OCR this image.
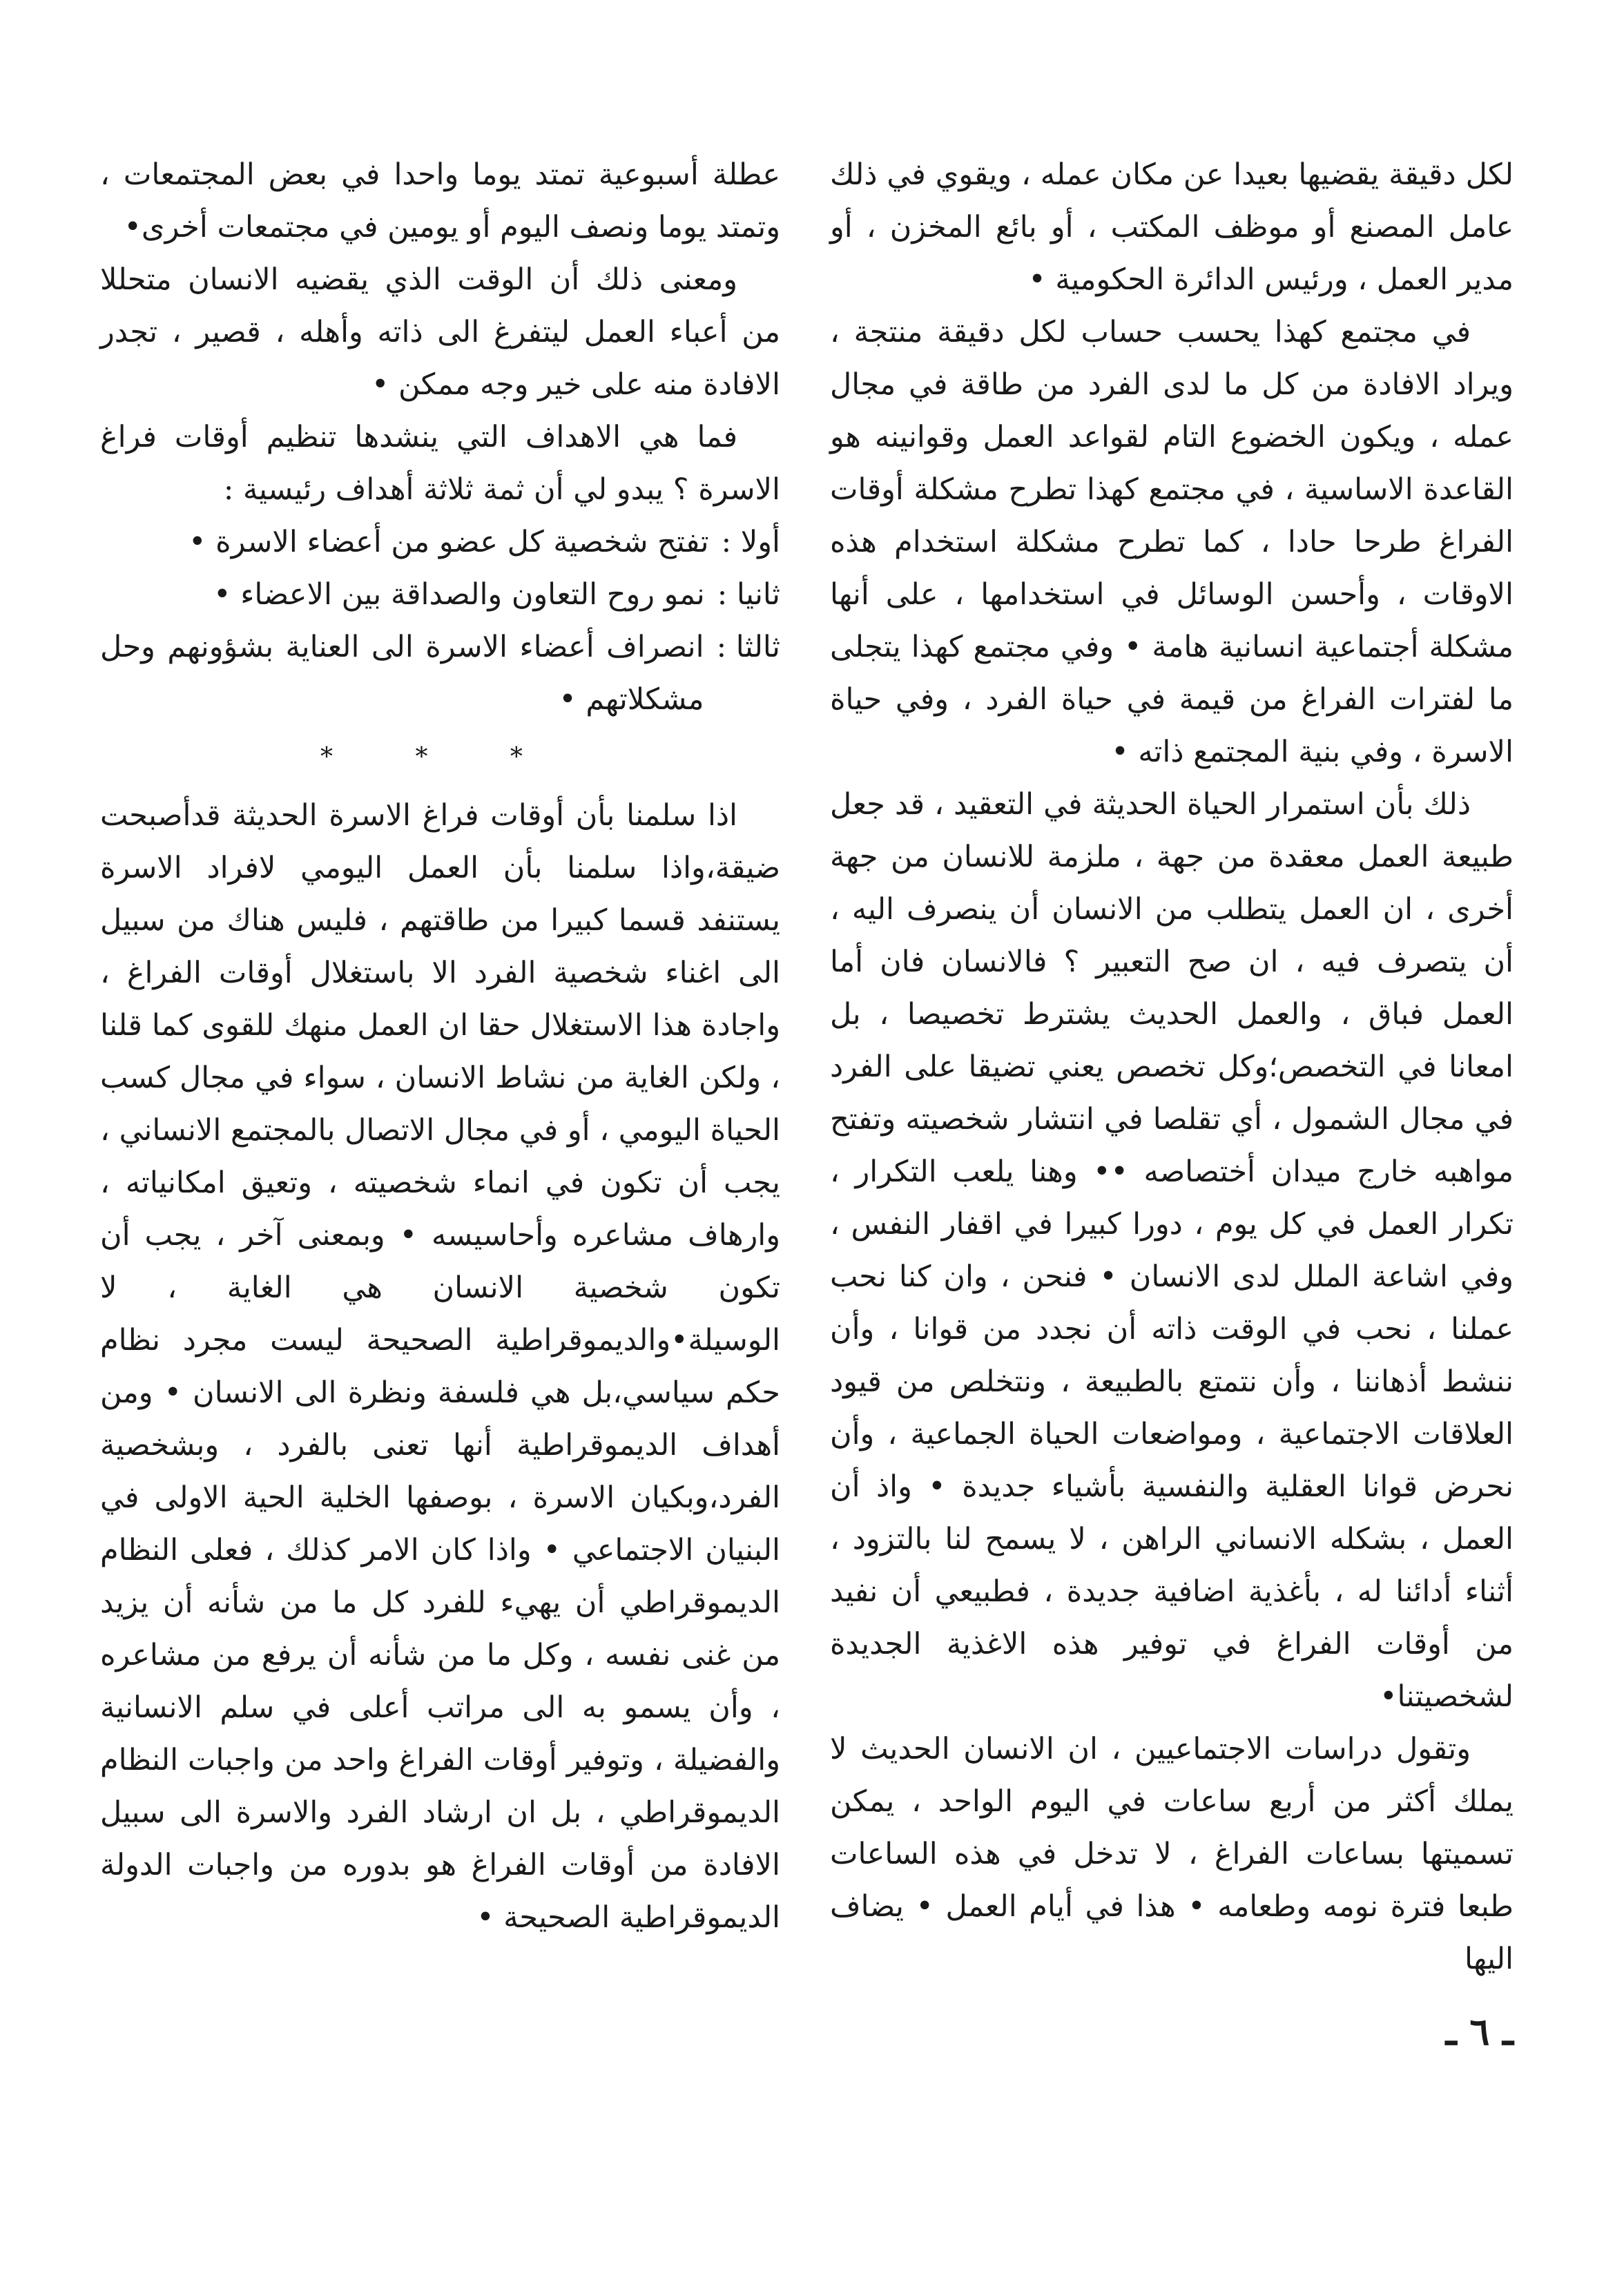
لكل دقيقة يقضيها بعيدا عن مكان عمله ، ويقوي في ذلك عامل المصنع أو موظف المكتب ، أو بائع المخزن ، أو مدير العمل ، ورئيس الدائرة الحكومية •

في مجتمع كهذا يحسب حساب لكل دقيقة منتجة ، ويراد الافادة من كل ما لدى الفرد من طاقة في مجال عمله ، ويكون الخضوع التام لقواعد العمل وقوانينه هو القاعدة الاساسية ، في مجتمع كهذا تطرح مشكلة أوقات الفراغ طرحا حادا ، كما تطرح مشكلة استخدام هذه الاوقات ، وأحسن الوسائل في استخدامها ، على أنها مشكلة أجتماعية انسانية هامة • وفي مجتمع كهذا يتجلى ما لفترات الفراغ من قيمة في حياة الفرد ، وفي حياة الاسرة ، وفي بنية المجتمع ذاته •

ذلك بأن استمرار الحياة الحديثة في التعقيد ، قد جعل طبيعة العمل معقدة من جهة ، ملزمة للانسان من جهة أخرى ، ان العمل يتطلب من الانسان أن ينصرف اليه ، أن يتصرف فيه ، ان صح التعبير ؟ فالانسان فان أما العمل فباق ، والعمل الحديث يشترط تخصيصا ، بل امعانا في التخصص؛وكل تخصص يعني تضيقا على الفرد في مجال الشمول ، أي تقلصا في انتشار شخصيته وتفتح مواهبه خارج ميدان أختصاصه •• وهنا يلعب التكرار ، تكرار العمل في كل يوم ، دورا كبيرا في اقفار النفس ، وفي اشاعة الملل لدى الانسان • فنحن ، وان كنا نحب عملنا ، نحب في الوقت ذاته أن نجدد من قوانا ، وأن ننشط أذهاننا ، وأن نتمتع بالطبيعة ، ونتخلص من قيود العلاقات الاجتماعية ، ومواضعات الحياة الجماعية ، وأن نحرض قوانا العقلية والنفسية بأشياء جديدة • واذ أن العمل ، بشكله الانساني الراهن ، لا يسمح لنا بالتزود ، أثناء أدائنا له ، بأغذية اضافية جديدة ، فطبيعي أن نفيد من أوقات الفراغ في توفير هذه الاغذية الجديدة لشخصيتنا•

وتقول دراسات الاجتماعيين ، ان الانسان الحديث لا يملك أكثر من أربع ساعات في اليوم الواحد ، يمكن تسميتها بساعات الفراغ ، لا تدخل في هذه الساعات طبعا فترة نومه وطعامه • هذا في أيام العمل • يضاف اليها

عطلة أسبوعية تمتد يوما واحدا في بعض المجتمعات ، وتمتد يوما ونصف اليوم أو يومين في مجتمعات أخرى•

ومعنى ذلك أن الوقت الذي يقضيه الانسان متحللا من أعباء العمل ليتفرغ الى ذاته وأهله ، قصير ، تجدر الافادة منه على خير وجه ممكن •

فما هي الاهداف التي ينشدها تنظيم أوقات فراغ الاسرة ؟ يبدو لي أن ثمة ثلاثة أهداف رئيسية :

أولا :
تفتح شخصية كل عضو من أعضاء الاسرة •
ثانيا :
نمو روح التعاون والصداقة بين الاعضاء •
ثالثا :
انصراف أعضاء الاسرة الى العناية بشؤونهم وحل مشكلاتهم •
* * *

اذا سلمنا بأن أوقات فراغ الاسرة الحديثة قدأصبحت ضيقة،واذا سلمنا بأن العمل اليومي لافراد الاسرة يستنفد قسما كبيرا من طاقتهم ، فليس هناك من سبيل الى اغناء شخصية الفرد الا باستغلال أوقات الفراغ ، واجادة هذا الاستغلال حقا ان العمل منهك للقوى كما قلنا ، ولكن الغاية من نشاط الانسان ، سواء في مجال كسب الحياة اليومي ، أو في مجال الاتصال بالمجتمع الانساني ، يجب أن تكون في انماء شخصيته ، وتعيق امكانياته ، وارهاف مشاعره وأحاسيسه • وبمعنى آخر ، يجب أن تكون شخصية الانسان هي الغاية ، لا الوسيلة•والديموقراطية الصحيحة ليست مجرد نظام حكم سياسي،بل هي فلسفة ونظرة الى الانسان • ومن أهداف الديموقراطية أنها تعنى بالفرد ، وبشخصية الفرد،وبكيان الاسرة ، بوصفها الخلية الحية الاولى في البنيان الاجتماعي • واذا كان الامر كذلك ، فعلى النظام الديموقراطي أن يهيء للفرد كل ما من شأنه أن يزيد من غنى نفسه ، وكل ما من شأنه أن يرفع من مشاعره ، وأن يسمو به الى مراتب أعلى في سلم الانسانية والفضيلة ، وتوفير أوقات الفراغ واحد من واجبات النظام الديموقراطي ، بل ان ارشاد الفرد والاسرة الى سبيل الافادة من أوقات الفراغ هو بدوره من واجبات الدولة الديموقراطية الصحيحة •

ـ ٦ ـ
